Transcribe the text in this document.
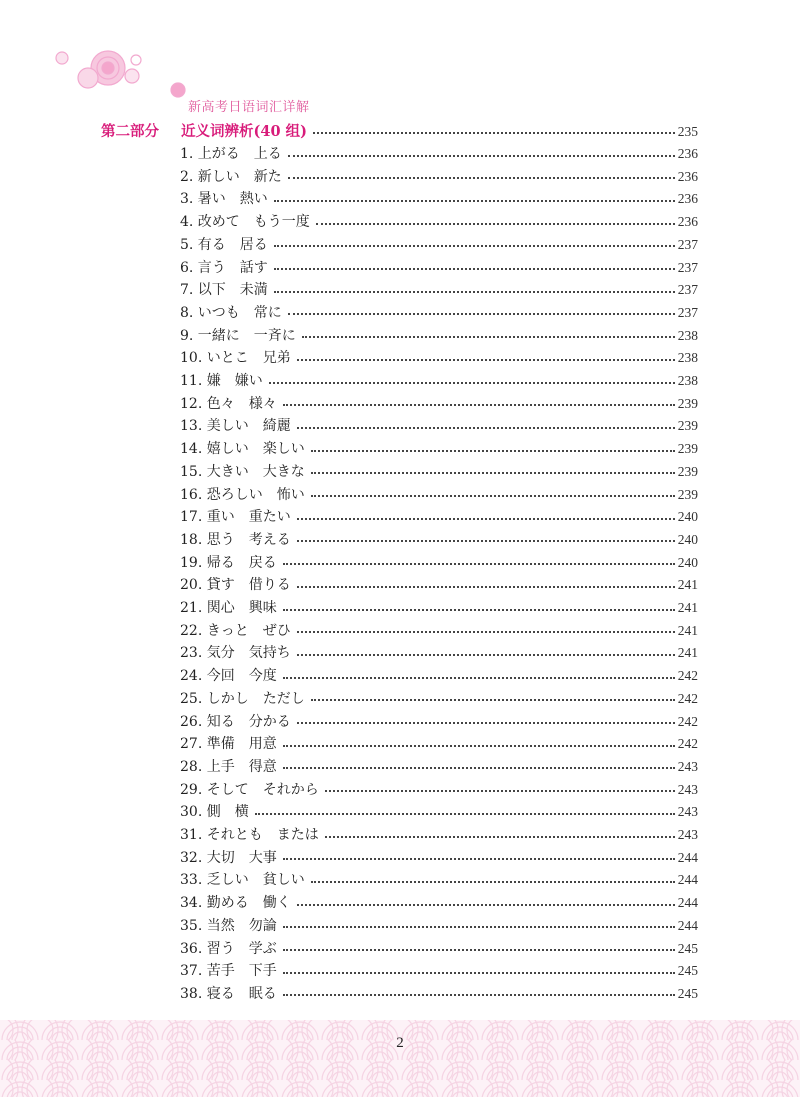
新高考日语词汇详解
第二部分	近义词辨析(40 组)	235
1. 上がる　上る	236
2. 新しい　新た	236
3. 暑い　熱い	236
4. 改めて　もう一度	236
5. 有る　居る	237
6. 言う　話す	237
7. 以下　未満	237
8. いつも　常に	237
9. 一緒に　一斉に	238
10. いとこ　兄弟	238
11. 嫌　嫌い	238
12. 色々　様々	239
13. 美しい　綺麗	239
14. 嬉しい　楽しい	239
15. 大きい　大きな	239
16. 恐ろしい　怖い	239
17. 重い　重たい	240
18. 思う　考える	240
19. 帰る　戻る	240
20. 貸す　借りる	241
21. 関心　興味	241
22. きっと　ぜひ	241
23. 気分　気持ち	241
24. 今回　今度	242
25. しかし　ただし	242
26. 知る　分かる	242
27. 準備　用意	242
28. 上手　得意	243
29. そして　それから	243
30. 側　横	243
31. それとも　または	243
32. 大切　大事	244
33. 乏しい　貧しい	244
34. 勤める　働く	244
35. 当然　勿論	244
36. 習う　学ぶ	245
37. 苦手　下手	245
38. 寝る　眠る	245
2
